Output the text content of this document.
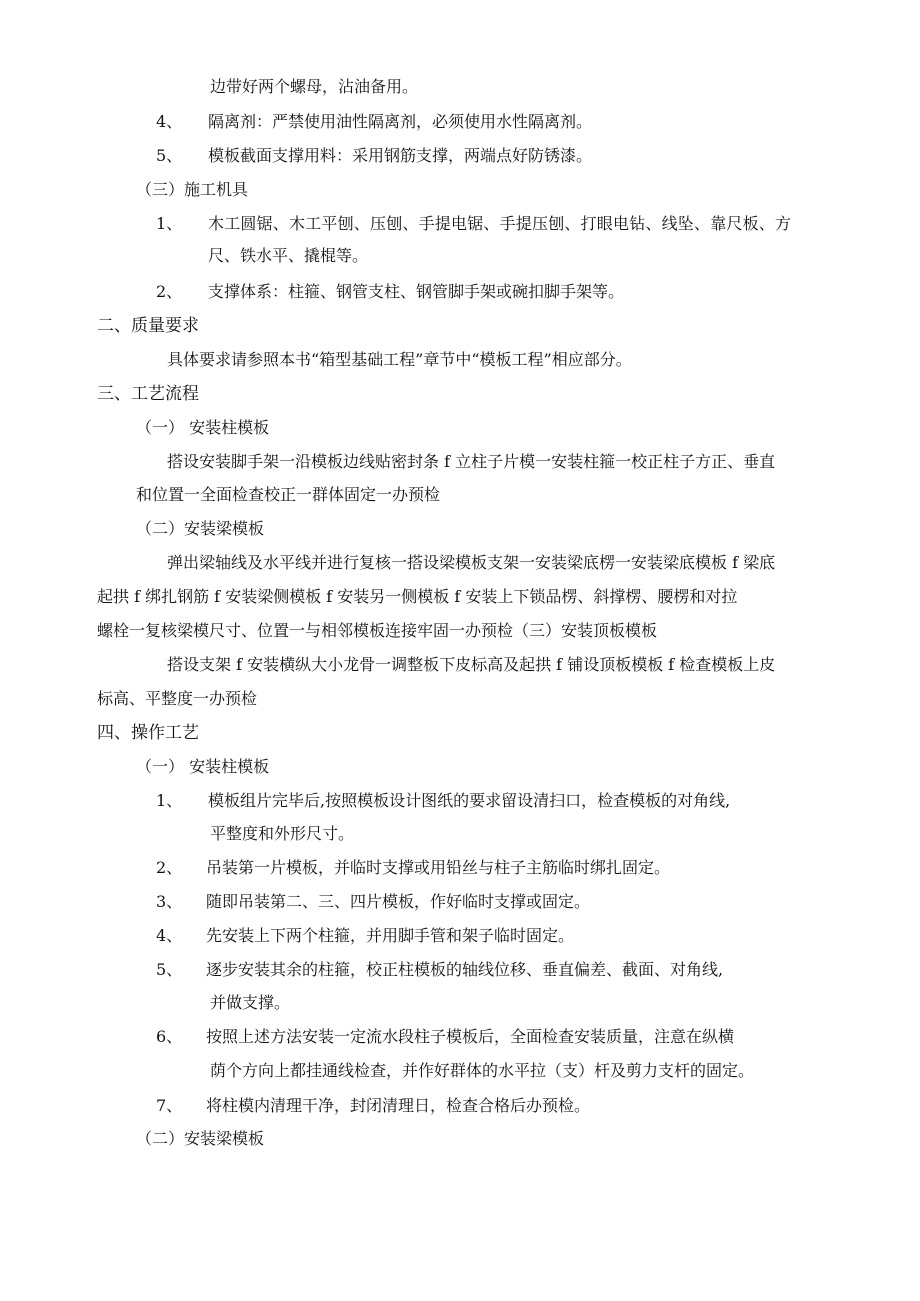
边带好两个螺母，沾油备用。
4、 隔离剂：严禁使用油性隔离剂，必须使用水性隔离剂。
5、 模板截面支撑用料：采用钢筋支撑，两端点好防锈漆。
（三）施工机具
1、 木工圆锯、木工平刨、压刨、手提电锯、手提压刨、打眼电钻、线坠、靠尺板、方
尺、铁水平、撬棍等。
2、 支撑体系：柱箍、钢管支柱、钢管脚手架或碗扣脚手架等。
二、质量要求
具体要求请参照本书“箱型基础工程”章节中“模板工程”相应部分。
三、工艺流程
（一） 安装柱模板
搭设安装脚手架一沿模板边线贴密封条 f 立柱子片模一安装柱箍一校正柱子方正、垂直
和位置一全面检查校正一群体固定一办预检
（二）安装梁模板
弹出梁轴线及水平线并进行复核一搭设梁模板支架一安装梁底楞一安装梁底模板 f 梁底
起拱 f 绑扎钢筋 f 安装梁侧模板 f 安装另一侧模板 f 安装上下锁品楞、斜撑楞、腰楞和对拉
螺栓一复核梁模尺寸、位置一与相邻模板连接牢固一办预检（三）安装顶板模板
搭设支架 f 安装横纵大小龙骨一调整板下皮标高及起拱 f 铺设顶板模板 f 检查模板上皮
标高、平整度一办预检
四、操作工艺
（一） 安装柱模板
1、 模板组片完毕后,按照模板设计图纸的要求留设清扫口，检查模板的对角线,
平整度和外形尺寸。
2、 吊装第一片模板，并临时支撑或用铅丝与柱子主筋临时绑扎固定。
3、 随即吊装第二、三、四片模板，作好临时支撑或固定。
4、 先安装上下两个柱箍，并用脚手管和架子临时固定。
5、 逐步安装其余的柱箍，校正柱模板的轴线位移、垂直偏差、截面、对角线,
并做支撑。
6、 按照上述方法安装一定流水段柱子模板后，全面检查安装质量，注意在纵横
荫个方向上都挂通线检查，并作好群体的水平拉（支）杆及剪力支杆的固定。
7、 将柱模内清理干净，封闭清理日，检查合格后办预检。
（二）安装梁模板
